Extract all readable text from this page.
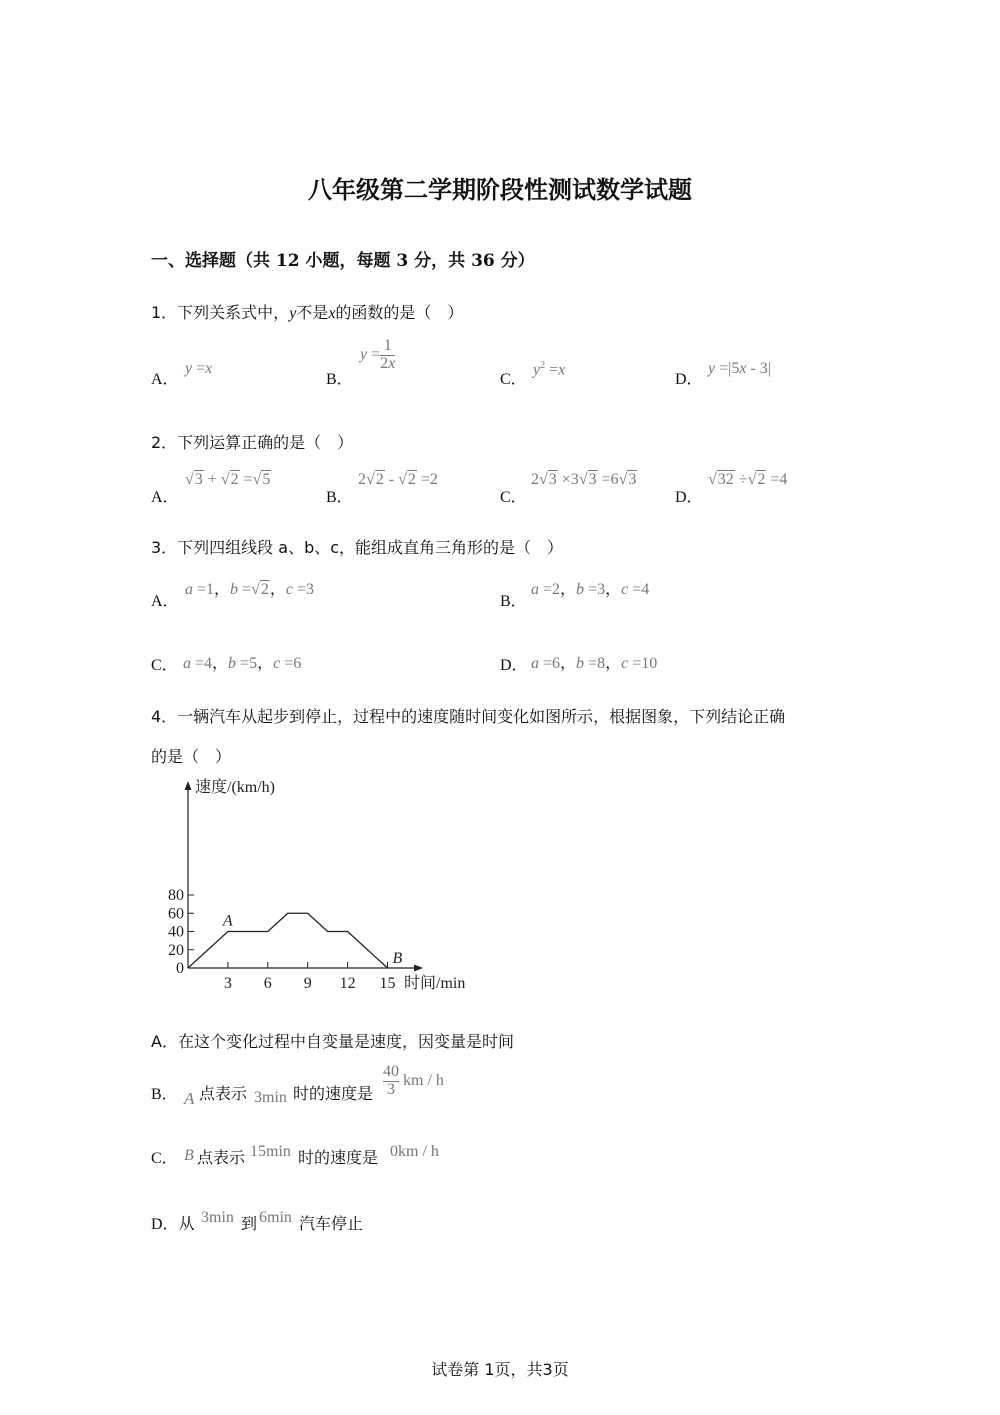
八年级第二学期阶段性测试数学试题
一、选择题（共 12 小题，每题 3 分，共 36 分）
1．下列关系式中，y不是x的函数的是（　）
A．
y =x
B．
$y = \frac{1}{2x}$
C．
$y^2 =x$
D．
y =|5x - 3|
2．下列运算正确的是（　）
A．
√3 + √2 =√5
B．
2√2 - √2 =2
C．
2√3 ×3√3 =6√3
D．
√32 ÷√2 =4
3．下列四组线段 a、b、c，能组成直角三角形的是（　）
A．
a =1，b =√2，c =3
B．
a =2，b =3，c =4
C． a =4，b =5，c =6	D． a =6，b =8，c =10
4．一辆汽车从起步到停止，过程中的速度随时间变化如图所示，根据图象，下列结论正确
的是（　）
20
40
60
80
3 6 9 12 15
0
速度/(km/h)
时间/min
A
B
A．在这个变化过程中自变量是速度，因变量是时间
B． A 点表示 3min 时的速度是 $\frac{40}{3}$ km / h
C． B 点表示 15min 时的速度是 0km / h
D．从 3min 到 6min 汽车停止
试卷第 1页，共3页
